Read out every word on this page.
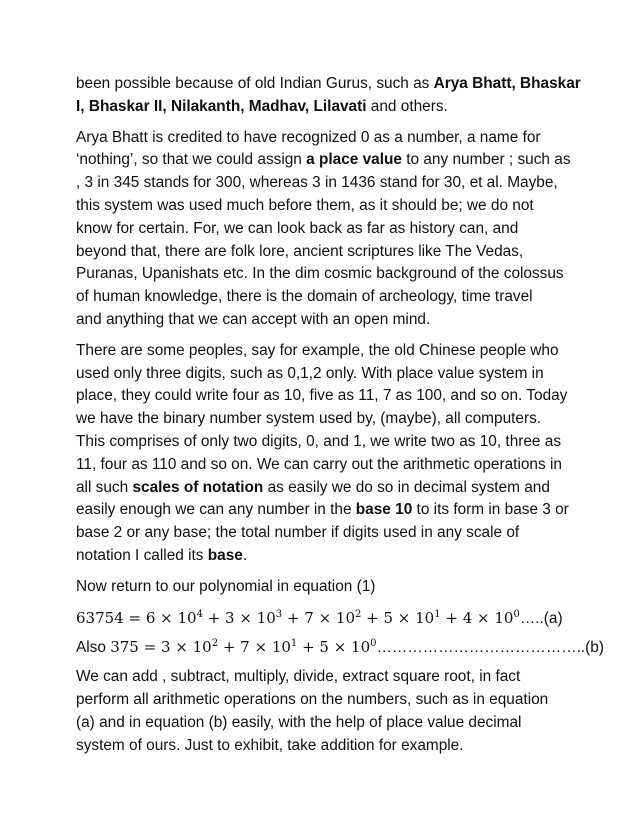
been possible because of old Indian Gurus, such as Arya Bhatt, Bhaskar
I, Bhaskar II, Nilakanth, Madhav, Lilavati and others.

Arya Bhatt is credited to have recognized 0 as a number, a name for
‘nothing’, so that we could assign a place value to any number ; such as
, 3 in 345 stands for 300, whereas 3 in 1436 stand for 30, et al. Maybe,
this system was used much before them, as it should be; we do not
know for certain. For, we can look back as far as history can, and
beyond that, there are folk lore, ancient scriptures like The Vedas,
Puranas, Upanishats etc. In the dim cosmic background of the colossus
of human knowledge, there is the domain of archeology, time travel
and anything that we can accept with an open mind.

There are some peoples, say for example, the old Chinese people who
used only three digits, such as 0,1,2 only. With place value system in
place, they could write four as 10, five as 11, 7 as 100, and so on. Today
we have the binary number system used by, (maybe), all computers.
This comprises of only two digits, 0, and 1, we write two as 10, three as
11, four as 110 and so on. We can carry out the arithmetic operations in
all such scales of notation as easily we do so in decimal system and
easily enough we can any number in the base 10 to its form in base 3 or
base 2 or any base; the total number if digits used in any scale of
notation I called its base.

Now return to our polynomial in equation (1)

$63754 = 6 \times 10^4 + 3 \times 10^3 + 7 \times 10^2 + 5 \times 10^1 + 4$ × $10^0\dots..(a)$

Also $375 = 3 \times 10^2 + 7 \times 10^1 + 5$ × $10^0\dots\dots\dots\dots\dots\dots\dots\dots\dots\dots\dots\dots\dots..(b)$

We can add , subtract, multiply, divide, extract square root, in fact
perform all arithmetic operations on the numbers, such as in equation
(a) and in equation (b) easily, with the help of place value decimal
system of ours. Just to exhibit, take addition for example.
